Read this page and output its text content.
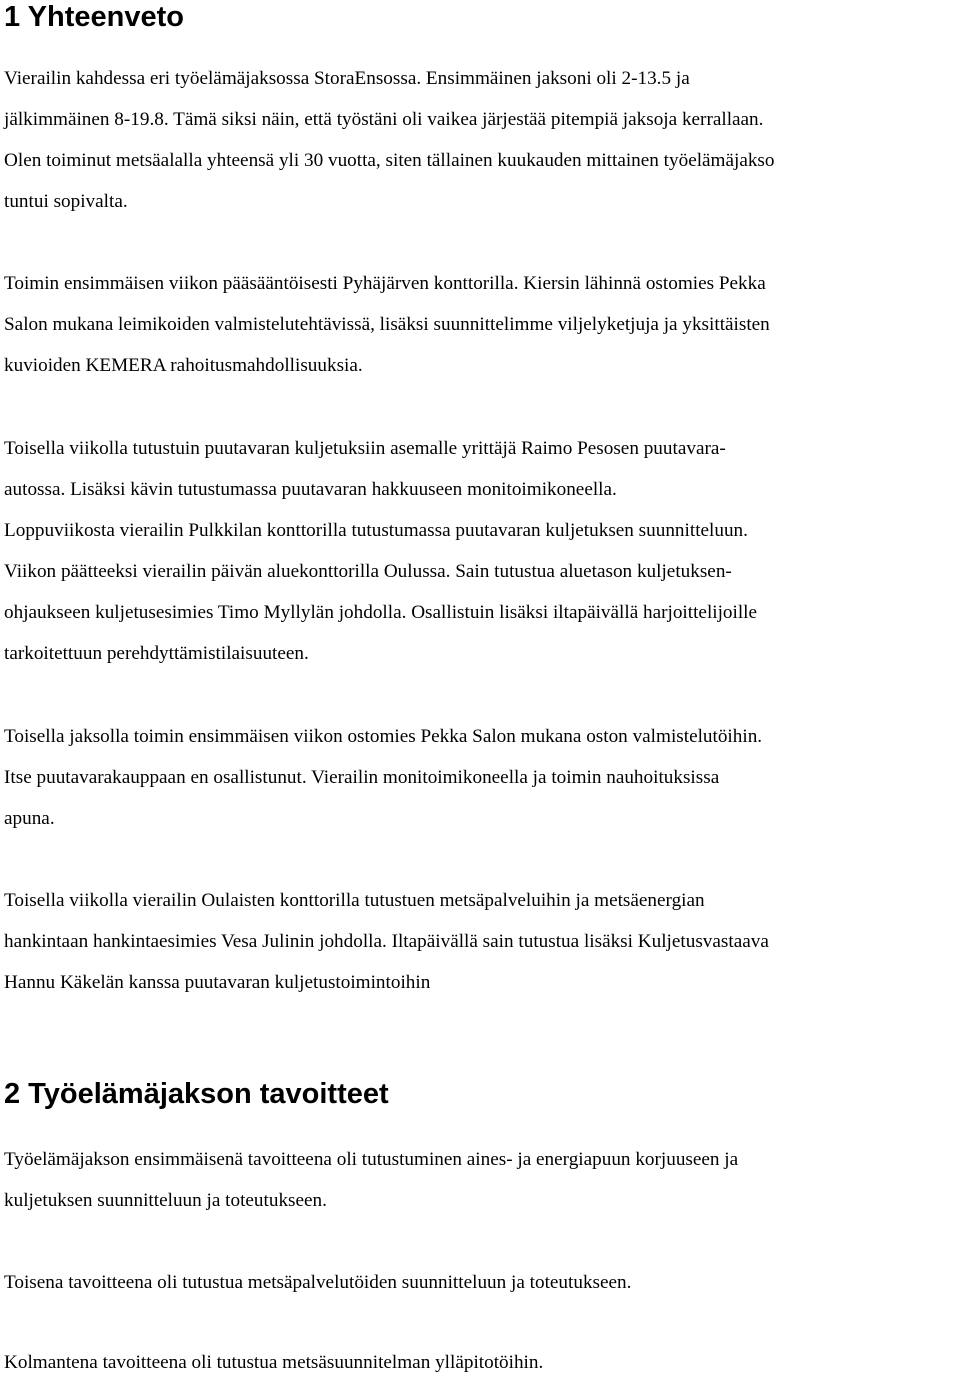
1 Yhteenveto

Vierailin kahdessa eri työelämäjaksossa StoraEnsossa. Ensimmäinen jaksoni oli 2-13.5 ja
jälkimmäinen 8-19.8. Tämä siksi näin, että työstäni oli vaikea järjestää pitempiä jaksoja kerrallaan.
Olen toiminut metsäalalla yhteensä yli 30 vuotta, siten tällainen kuukauden mittainen työelämäjakso
tuntui sopivalta.

Toimin ensimmäisen viikon pääsääntöisesti Pyhäjärven konttorilla. Kiersin lähinnä ostomies Pekka
Salon mukana leimikoiden valmistelutehtävissä, lisäksi suunnittelimme viljelyketjuja ja yksittäisten
kuvioiden KEMERA rahoitusmahdollisuuksia.

Toisella viikolla tutustuin puutavaran kuljetuksiin asemalle yrittäjä Raimo Pesosen puutavara-
autossa. Lisäksi kävin tutustumassa puutavaran hakkuuseen monitoimikoneella.
Loppuviikosta vierailin Pulkkilan konttorilla tutustumassa puutavaran kuljetuksen suunnitteluun.
Viikon päätteeksi vierailin päivän aluekonttorilla Oulussa. Sain tutustua aluetason kuljetuksen-
ohjaukseen kuljetusesimies Timo Myllylän johdolla. Osallistuin lisäksi iltapäivällä harjoittelijoille
tarkoitettuun perehdyttämistilaisuuteen.

Toisella jaksolla toimin ensimmäisen viikon ostomies Pekka Salon mukana oston valmistelutöihin.
Itse puutavarakauppaan en osallistunut. Vierailin monitoimikoneella ja toimin nauhoituksissa
apuna.

Toisella viikolla vierailin Oulaisten konttorilla tutustuen metsäpalveluihin ja metsäenergian
hankintaan hankintaesimies Vesa Julinin johdolla. Iltapäivällä sain tutustua lisäksi Kuljetusvastaava
Hannu Käkelän kanssa puutavaran kuljetustoimintoihin

2 Työelämäjakson tavoitteet

Työelämäjakson ensimmäisenä tavoitteena oli tutustuminen aines- ja energiapuun korjuuseen ja
kuljetuksen suunnitteluun ja toteutukseen.

Toisena tavoitteena oli tutustua metsäpalvelutöiden suunnitteluun ja toteutukseen.

Kolmantena tavoitteena oli tutustua metsäsuunnitelman ylläpitotöihin.
